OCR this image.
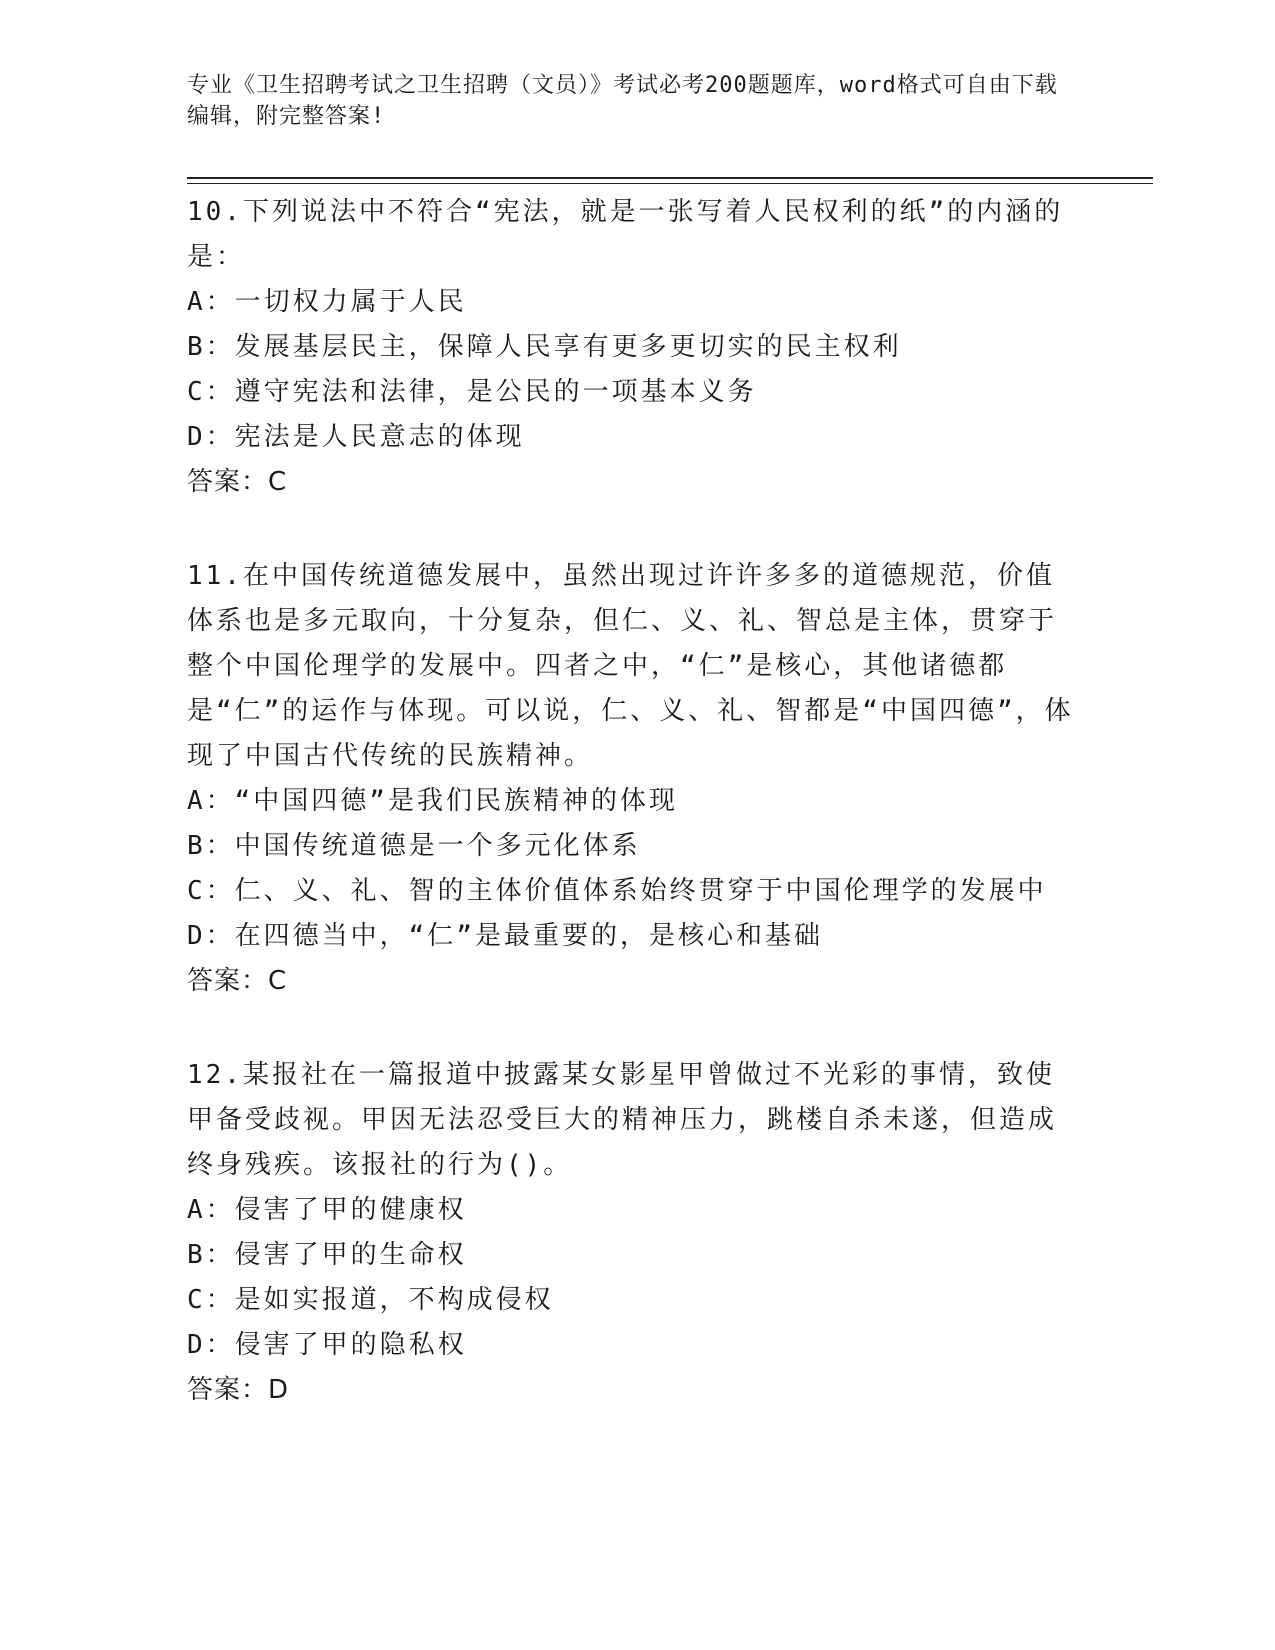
专业《卫生招聘考试之卫生招聘（文员）》考试必考200题题库，word格式可自由下载编辑，附完整答案!

10.下列说法中不符合“宪法，就是一张写着人民权利的纸”的内涵的是：

A：一切权力属于人民

B：发展基层民主，保障人民享有更多更切实的民主权利

C：遵守宪法和法律，是公民的一项基本义务

D：宪法是人民意志的体现

答案：C

11.在中国传统道德发展中，虽然出现过许许多多的道德规范，价值体系也是多元取向，十分复杂，但仁、义、礼、智总是主体，贯穿于整个中国伦理学的发展中。四者之中，“仁”是核心，其他诸德都是“仁”的运作与体现。可以说，仁、义、礼、智都是“中国四德”，体现了中国古代传统的民族精神。

A：“中国四德”是我们民族精神的体现

B：中国传统道德是一个多元化体系

C：仁、义、礼、智的主体价值体系始终贯穿于中国伦理学的发展中

D：在四德当中，“仁”是最重要的，是核心和基础

答案：C

12.某报社在一篇报道中披露某女影星甲曾做过不光彩的事情，致使甲备受歧视。甲因无法忍受巨大的精神压力，跳楼自杀未遂，但造成终身残疾。该报社的行为()。

A：侵害了甲的健康权

B：侵害了甲的生命权

C：是如实报道，不构成侵权

D：侵害了甲的隐私权

答案：D
